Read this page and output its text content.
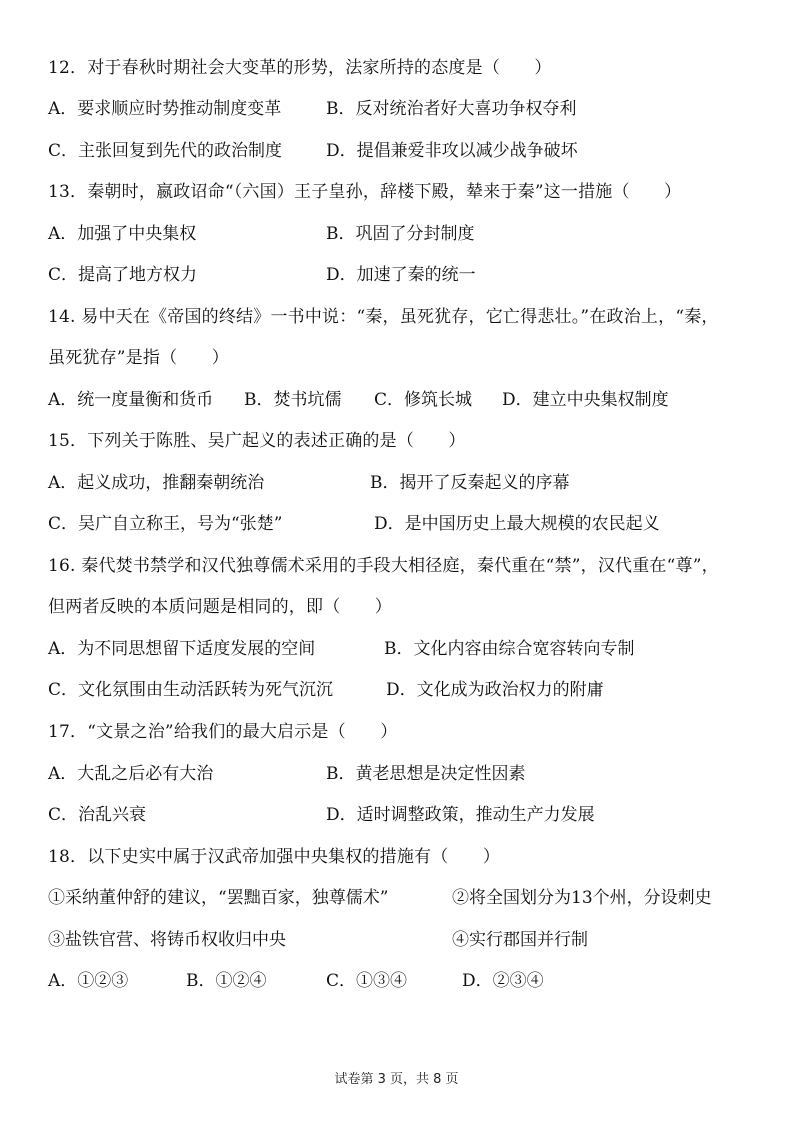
12．对于春秋时期社会大变革的形势，法家所持的态度是（　　）
A．要求顺应时势推动制度变革	B．反对统治者好大喜功争权夺利
C．主张回复到先代的政治制度	D．提倡兼爱非攻以减少战争破坏
13．秦朝时，嬴政诏命“（六国）王子皇孙，辞楼下殿，辇来于秦”这一措施（　　）
A．加强了中央集权	B．巩固了分封制度
C．提高了地方权力	D．加速了秦的统一
14. 易中天在《帝国的终结》一书中说：“秦，虽死犹存，它亡得悲壮。”在政治上，“秦，
虽死犹存”是指（　　）
A．统一度量衡和货币 B．焚书坑儒 C．修筑长城 D．建立中央集权制度
15．下列关于陈胜、吴广起义的表述正确的是（　　）
A．起义成功，推翻秦朝统治	B．揭开了反秦起义的序幕
C．吴广自立称王，号为“张楚”	D．是中国历史上最大规模的农民起义
16. 秦代焚书禁学和汉代独尊儒术采用的手段大相径庭，秦代重在“禁”，汉代重在“尊”，
但两者反映的本质问题是相同的，即（　　）
A．为不同思想留下适度发展的空间	B．文化内容由综合宽容转向专制
C．文化氛围由生动活跃转为死气沉沉	D．文化成为政治权力的附庸
17．“文景之治”给我们的最大启示是（　　）
A．大乱之后必有大治	B．黄老思想是决定性因素
C．治乱兴衰	D．适时调整政策，推动生产力发展
18．以下史实中属于汉武帝加强中央集权的措施有（　　）
①采纳董仲舒的建议，“罢黜百家，独尊儒术”	②将全国划分为13个州，分设刺史
③盐铁官营、将铸币权收归中央	④实行郡国并行制
A．①②③	B．①②④	C．①③④	D．②③④
试卷第 3 页，共 8 页
